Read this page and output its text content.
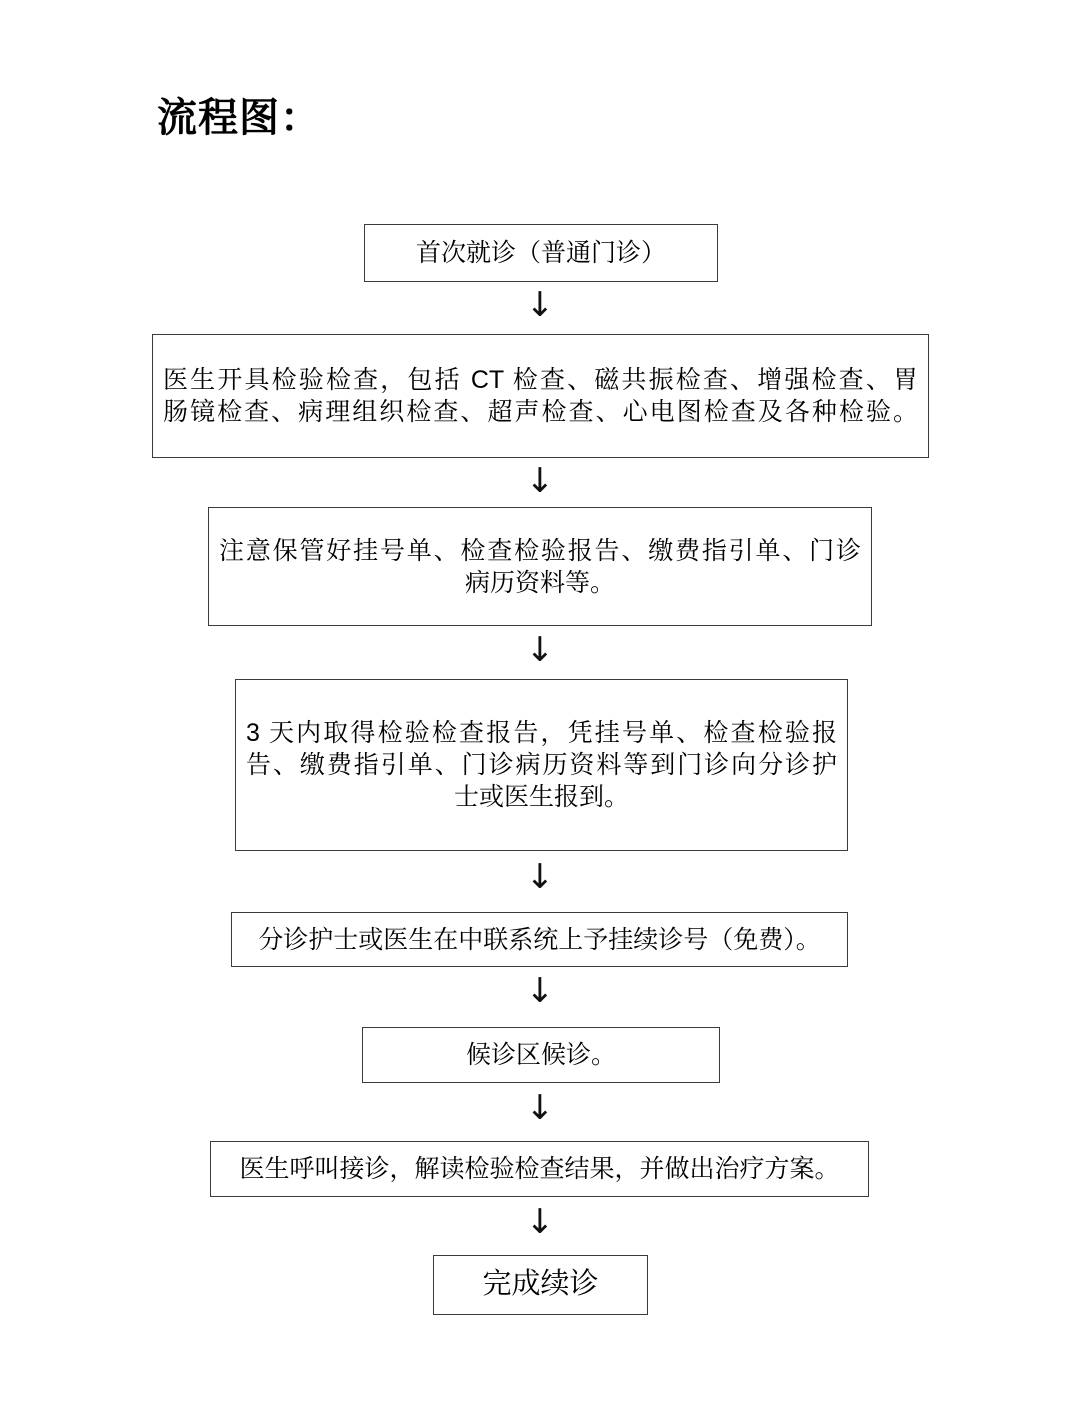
流程图：
首次就诊（普通门诊）
↓
医生开具检验检查，包括 CT 检查、磁共振检查、增强检查、胃
肠镜检查、病理组织检查、超声检查、心电图检查及各种检验。
↓
注意保管好挂号单、检查检验报告、缴费指引单、门诊
病历资料等。
↓
3 天内取得检验检查报告，凭挂号单、检查检验报
告、缴费指引单、门诊病历资料等到门诊向分诊护
士或医生报到。
↓
分诊护士或医生在中联系统上予挂续诊号（免费）。
↓
候诊区候诊。
↓
医生呼叫接诊，解读检验检查结果，并做出治疗方案。
↓
完成续诊
